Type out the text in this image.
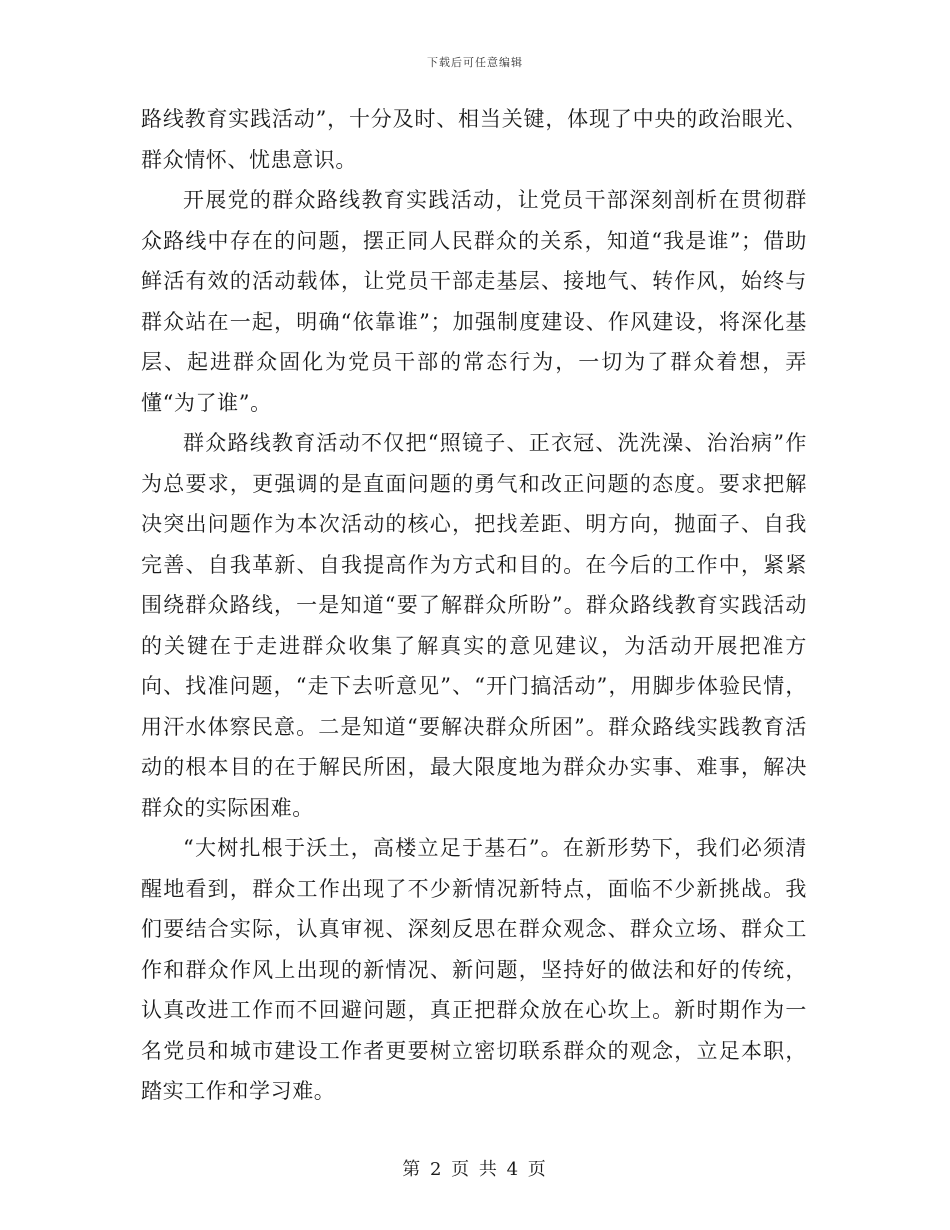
下载后可任意编辑

路线教育实践活动”，十分及时、相当关键，体现了中央的政治眼光、群众情怀、忧患意识。

开展党的群众路线教育实践活动，让党员干部深刻剖析在贯彻群众路线中存在的问题，摆正同人民群众的关系，知道“我是谁”；借助鲜活有效的活动载体，让党员干部走基层、接地气、转作风，始终与群众站在一起，明确“依靠谁”；加强制度建设、作风建设，将深化基层、起进群众固化为党员干部的常态行为，一切为了群众着想，弄懂“为了谁”。

群众路线教育活动不仅把“照镜子、正衣冠、洗洗澡、治治病”作为总要求，更强调的是直面问题的勇气和改正问题的态度。要求把解决突出问题作为本次活动的核心，把找差距、明方向，抛面子、自我完善、自我革新、自我提高作为方式和目的。在今后的工作中，紧紧围绕群众路线，一是知道“要了解群众所盼”。群众路线教育实践活动的关键在于走进群众收集了解真实的意见建议，为活动开展把准方向、找准问题，“走下去听意见”、“开门搞活动”，用脚步体验民情，用汗水体察民意。二是知道“要解决群众所困”。群众路线实践教育活动的根本目的在于解民所困，最大限度地为群众办实事、难事，解决群众的实际困难。

“大树扎根于沃土，高楼立足于基石”。在新形势下，我们必须清醒地看到，群众工作出现了不少新情况新特点，面临不少新挑战。我们要结合实际，认真审视、深刻反思在群众观念、群众立场、群众工作和群众作风上出现的新情况、新问题，坚持好的做法和好的传统，认真改进工作而不回避问题，真正把群众放在心坎上。新时期作为一名党员和城市建设工作者更要树立密切联系群众的观念，立足本职，踏实工作和学习难。

第 2 页 共 4 页
